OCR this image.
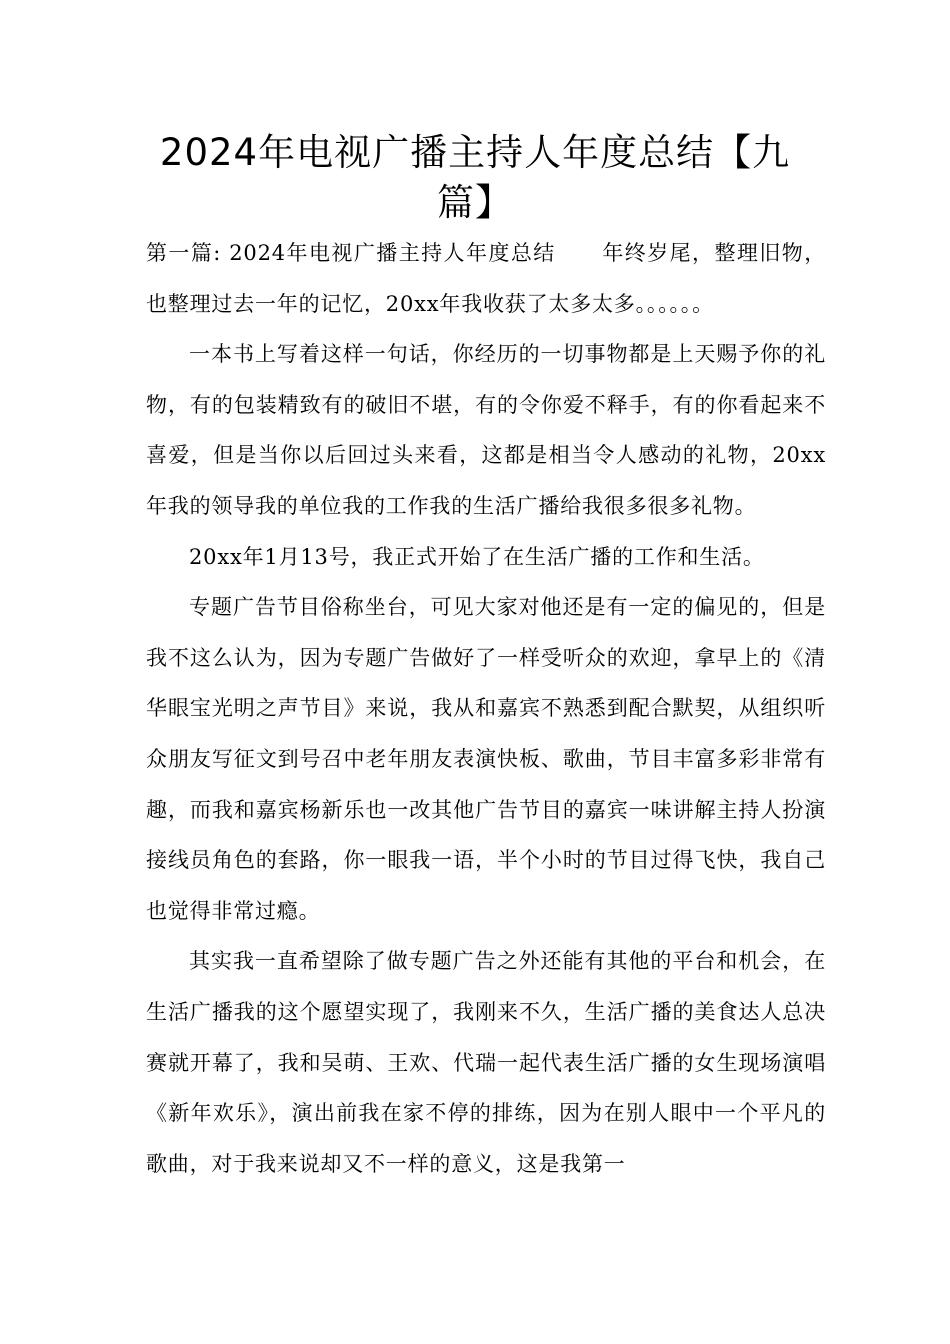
2024年电视广播主持人年度总结【九篇】

第一篇: 2024年电视广播主持人年度总结 年终岁尾，整理旧物，也整理过去一年的记忆，20xx年我收获了太多太多。。。。。。

一本书上写着这样一句话，你经历的一切事物都是上天赐予你的礼物，有的包装精致有的破旧不堪，有的令你爱不释手，有的你看起来不喜爱，但是当你以后回过头来看，这都是相当令人感动的礼物，20xx年我的领导我的单位我的工作我的生活广播给我很多很多礼物。

20xx年1月13号，我正式开始了在生活广播的工作和生活。

专题广告节目俗称坐台，可见大家对他还是有一定的偏见的，但是我不这么认为，因为专题广告做好了一样受听众的欢迎，拿早上的《清华眼宝光明之声节目》来说，我从和嘉宾不熟悉到配合默契，从组织听众朋友写征文到号召中老年朋友表演快板、歌曲，节目丰富多彩非常有趣，而我和嘉宾杨新乐也一改其他广告节目的嘉宾一味讲解主持人扮演接线员角色的套路，你一眼我一语，半个小时的节目过得飞快，我自己也觉得非常过瘾。

其实我一直希望除了做专题广告之外还能有其他的平台和机会，在生活广播我的这个愿望实现了，我刚来不久，生活广播的美食达人总决赛就开幕了，我和吴萌、王欢、代瑞一起代表生活广播的女生现场演唱《新年欢乐》，演出前我在家不停的排练，因为在别人眼中一个平凡的歌曲，对于我来说却又不一样的意义，这是我第一
